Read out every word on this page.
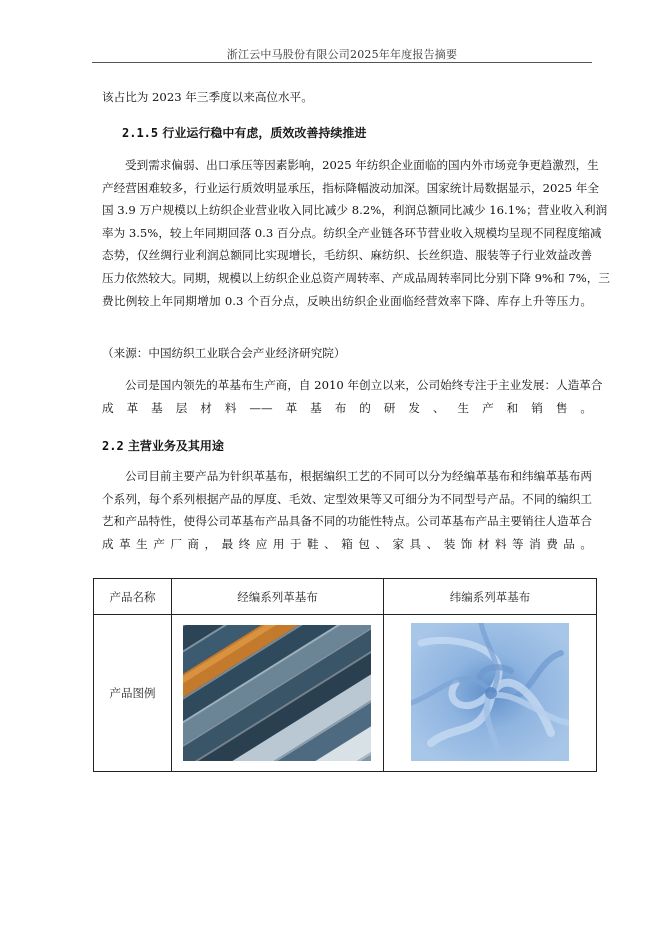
浙江云中马股份有限公司2025年年度报告摘要

该占比为 2023 年三季度以来高位水平。

2.1.5 行业运行稳中有虑，质效改善持续推进

受到需求偏弱、出口承压等因素影响，2025 年纺织企业面临的国内外市场竞争更趋激烈，生
产经营困难较多，行业运行质效明显承压，指标降幅波动加深。国家统计局数据显示，2025 年全
国 3.9 万户规模以上纺织企业营业收入同比减少 8.2%，利润总额同比减少 16.1%；营业收入利润
率为 3.5%，较上年同期回落 0.3 百分点。纺织全产业链各环节营业收入规模均呈现不同程度缩减
态势，仅丝绸行业利润总额同比实现增长，毛纺织、麻纺织、长丝织造、服装等子行业效益改善
压力依然较大。同期，规模以上纺织企业总资产周转率、产成品周转率同比分别下降 9%和 7%，三
费比例较上年同期增加 0.3 个百分点，反映出纺织企业面临经营效率下降、库存上升等压力。
（来源：中国纺织工业联合会产业经济研究院）
公司是国内领先的革基布生产商，自 2010 年创立以来，公司始终专注于主业发展：人造革合
成革基层材料——革基布的研发、生产和销售。

2.2 主营业务及其用途

公司目前主要产品为针织革基布，根据编织工艺的不同可以分为经编革基布和纬编革基布两
个系列，每个系列根据产品的厚度、毛效、定型效果等又可细分为不同型号产品。不同的编织工
艺和产品特性，使得公司革基布产品具备不同的功能性特点。公司革基布产品主要销往人造革合
成革生产厂商，最终应用于鞋、箱包、家具、装饰材料等消费品。
产品名称	经编系列革基布	纬编系列革基布
产品图例
